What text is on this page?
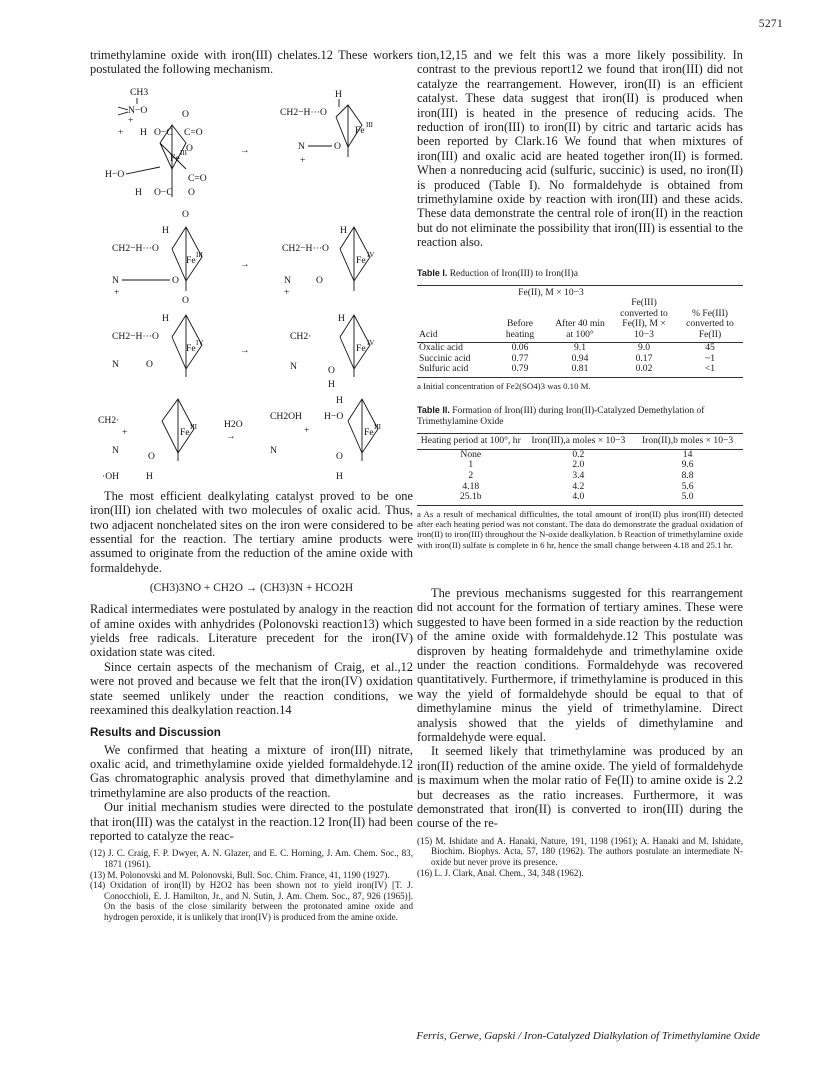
5271

trimethylamine oxide with iron(III) chelates.12 These workers postulated the following mechanism.

CH3
N−O
+
+ H O−C
O
C=O
Fe III O
H−O
H O−C
C=O
O
→
H
CH2−H···O
Fe III
N	O
+
O
H
CH2−H···O
Fe III
N	O
+
O
→
H
CH2−H···O
Fe IV
N	O
+
H
CH2−H···O
Fe IV
N	O
→
H
CH2·
Fe IV
N	O
H
CH2·
+	Fe III
N
O
·OH	H
H2O
→
CH2OH
+
N
H
H−O
Fe III
O
H

The most efficient dealkylating catalyst proved to be one iron(III) ion chelated with two molecules of oxalic acid. Thus, two adjacent nonchelated sites on the iron were considered to be essential for the reaction. The tertiary amine products were assumed to originate from the reduction of the amine oxide with formaldehyde.

(CH3)3NO + CH2O → (CH3)3N + HCO2H

Radical intermediates were postulated by analogy in the reaction of amine oxides with anhydrides (Polonovski reaction13) which yields free radicals. Literature precedent for the iron(IV) oxidation state was cited.

Since certain aspects of the mechanism of Craig, et al.,12 were not proved and because we felt that the iron(IV) oxidation state seemed unlikely under the reaction conditions, we reexamined this dealkylation reaction.14

Results and Discussion

We confirmed that heating a mixture of iron(III) nitrate, oxalic acid, and trimethylamine oxide yielded formaldehyde.12 Gas chromatographic analysis proved that dimethylamine and trimethylamine are also products of the reaction.

Our initial mechanism studies were directed to the postulate that iron(III) was the catalyst in the reaction.12 Iron(II) had been reported to catalyze the reac-

(12) J. C. Craig, F. P. Dwyer, A. N. Glazer, and E. C. Horning, J. Am. Chem. Soc., 83, 1871 (1961).

(13) M. Polonovski and M. Polonovski, Bull. Soc. Chim. France, 41, 1190 (1927).

(14) Oxidation of iron(II) by H2O2 has been shown not to yield iron(IV) [T. J. Conocchioli, E. J. Hamilton, Jr., and N. Sutin, J. Am. Chem. Soc., 87, 926 (1965)]. On the basis of the close similarity between the protonated amine oxide and hydrogen peroxide, it is unlikely that iron(IV) is produced from the amine oxide.

tion,12,15 and we felt this was a more likely possibility. In contrast to the previous report12 we found that iron(III) did not catalyze the rearrangement. However, iron(II) is an efficient catalyst. These data suggest that iron(II) is produced when iron(III) is heated in the presence of reducing acids. The reduction of iron(III) to iron(II) by citric and tartaric acids has been reported by Clark.16 We found that when mixtures of iron(III) and oxalic acid are heated together iron(II) is formed. When a nonreducing acid (sulfuric, succinic) is used, no iron(II) is produced (Table I). No formaldehyde is obtained from trimethylamine oxide by reaction with iron(III) and these acids. These data demonstrate the central role of iron(II) in the reaction but do not eliminate the possibility that iron(III) is essential to the reaction also.

Table I. Reduction of Iron(III) to Iron(II)a
	Fe(II), M × 10−3			
Acid	Before heating	After 40 min at 100°	Fe(III) converted to Fe(II), M × 10−3	% Fe(III) converted to Fe(II)
Oxalic acid	0.06	9.1	9.0	45
Succinic acid	0.77	0.94	0.17	~1
Sulfuric acid	0.79	0.81	0.02	<1

a Initial concentration of Fe2(SO4)3 was 0.10 M.

Table II. Formation of Iron(III) during Iron(II)-Catalyzed Demethylation of Trimethylamine Oxide
Heating period at 100°, hr	Iron(III),a moles × 10−3	Iron(II),b moles × 10−3
None	0.2	14
1	2.0	9.6
2	3.4	8.8
4.18	4.2	5.6
25.1b	4.0	5.0

a As a result of mechanical difficulties, the total amount of iron(II) plus iron(III) detected after each heating period was not constant. The data do demonstrate the gradual oxidation of iron(II) to iron(III) throughout the N-oxide dealkylation. b Reaction of trimethylamine oxide with iron(II) sulfate is complete in 6 hr, hence the small change between 4.18 and 25.1 hr.

The previous mechanisms suggested for this rearrangement did not account for the formation of tertiary amines. These were suggested to have been formed in a side reaction by the reduction of the amine oxide with formaldehyde.12 This postulate was disproven by heating formaldehyde and trimethylamine oxide under the reaction conditions. Formaldehyde was recovered quantitatively. Furthermore, if trimethylamine is produced in this way the yield of formaldehyde should be equal to that of dimethylamine minus the yield of trimethylamine. Direct analysis showed that the yields of dimethylamine and formaldehyde were equal.

It seemed likely that trimethylamine was produced by an iron(II) reduction of the amine oxide. The yield of formaldehyde is maximum when the molar ratio of Fe(II) to amine oxide is 2.2 but decreases as the ratio increases. Furthermore, it was demonstrated that iron(II) is converted to iron(III) during the course of the re-

(15) M. Ishidate and A. Hanaki, Nature, 191, 1198 (1961); A. Hanaki and M. Ishidate, Biochim. Biophys. Acta, 57, 180 (1962). The authors postulate an intermediate N-oxide but never prove its presence.

(16) L. J. Clark, Anal. Chem., 34, 348 (1962).

Ferris, Gerwe, Gapski / Iron-Catalyzed Dialkylation of Trimethylamine Oxide
